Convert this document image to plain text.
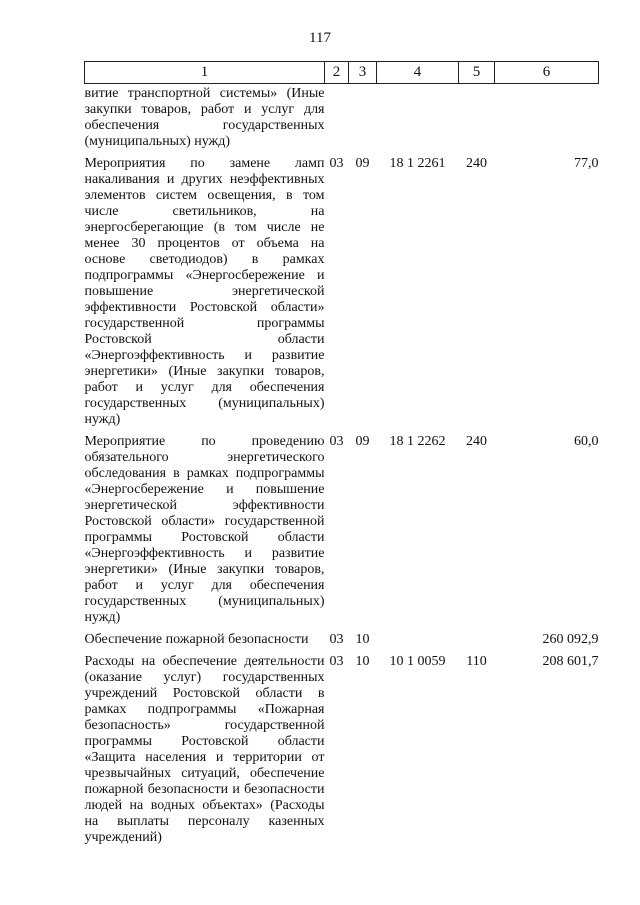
117
1	2	3	4	5	6
витие транспортной системы» (Иные закупки товаров, работ и услуг для обеспечения государственных (муниципальных) нужд)					
Мероприятия по замене ламп накаливания и других неэффективных элементов систем освещения, в том числе светильников, на энергосберегающие (в том числе не менее 30 процентов от объема на основе светодиодов) в рамках подпрограммы «Энергосбережение и повышение энергетической эффективности Ростовской области» государственной программы Ростовской области «Энергоэффективность и развитие энергетики» (Иные закупки товаров, работ и услуг для обеспечения государственных (муниципальных) нужд)	03	09	18 1 2261	240	77,0
Мероприятие по проведению обязательного энергетического обследования в рамках подпрограммы «Энергосбережение и повышение энергетической эффективности Ростовской области» государственной программы Ростовской области «Энергоэффективность и развитие энергетики» (Иные закупки товаров, работ и услуг для обеспечения государственных (муниципальных) нужд)	03	09	18 1 2262	240	60,0
Обеспечение пожарной безопасности	03	10			260 092,9
Расходы на обеспечение деятельности (оказание услуг) государственных учреждений Ростовской области в рамках подпрограммы «Пожарная безопасность» государственной программы Ростовской области «Защита населения и территории от чрезвычайных ситуаций, обеспечение пожарной безопасности и безопасности людей на водных объектах» (Расходы на выплаты персоналу казенных учреждений)	03	10	10 1 0059	110	208 601,7
